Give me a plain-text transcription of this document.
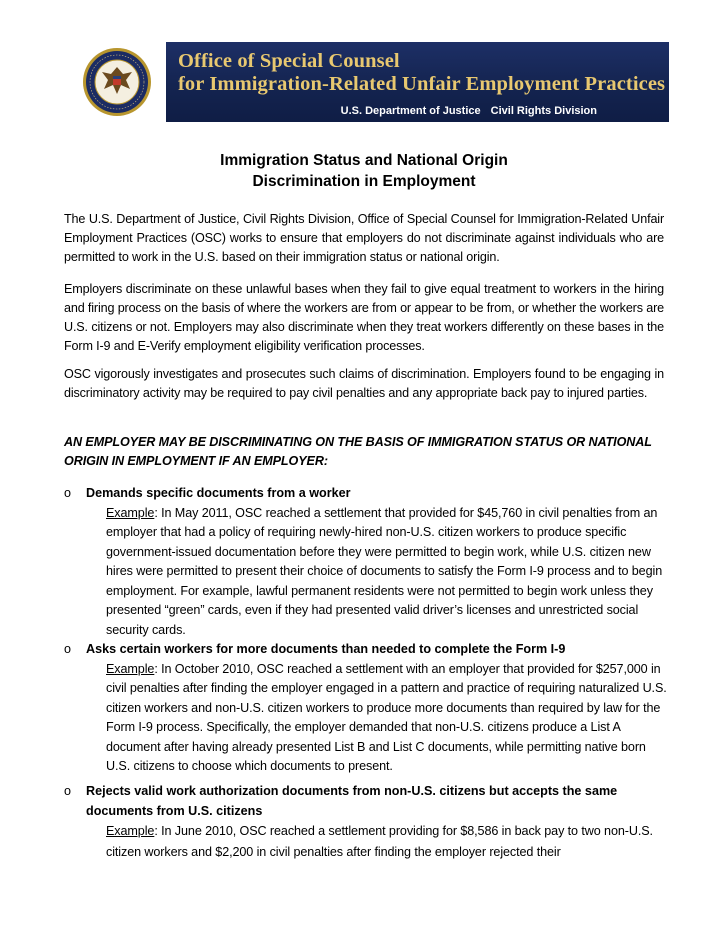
Office of Special Counsel
for Immigration-Related Unfair Employment Practices
U.S. Department of Justice Civil Rights Division
Immigration Status and National Origin
Discrimination in Employment
The U.S. Department of Justice, Civil Rights Division, Office of Special Counsel for Immigration-Related Unfair Employment Practices (OSC) works to ensure that employers do not discriminate against individuals who are permitted to work in the U.S. based on their immigration status or national origin.
Employers discriminate on these unlawful bases when they fail to give equal treatment to workers in the hiring and firing process on the basis of where the workers are from or appear to be from, or whether the workers are U.S. citizens or not. Employers may also discriminate when they treat workers differently on these bases in the Form I-9 and E-Verify employment eligibility verification processes.
OSC vigorously investigates and prosecutes such claims of discrimination. Employers found to be engaging in discriminatory activity may be required to pay civil penalties and any appropriate back pay to injured parties.
AN EMPLOYER MAY BE DISCRIMINATING ON THE BASIS OF IMMIGRATION STATUS OR NATIONAL ORIGIN IN EMPLOYMENT IF AN EMPLOYER:
o Demands specific documents from a worker
Example: In May 2011, OSC reached a settlement that provided for $45,760 in civil penalties from an employer that had a policy of requiring newly-hired non-U.S. citizen workers to produce specific government-issued documentation before they were permitted to begin work, while U.S. citizen new hires were permitted to present their choice of documents to satisfy the Form I-9 process and to begin employment. For example, lawful permanent residents were not permitted to begin work unless they presented “green” cards, even if they had presented valid driver’s licenses and unrestricted social security cards.
o Asks certain workers for more documents than needed to complete the Form I-9
Example: In October 2010, OSC reached a settlement with an employer that provided for $257,000 in civil penalties after finding the employer engaged in a pattern and practice of requiring naturalized U.S. citizen workers and non-U.S. citizen workers to produce more documents than required by law for the Form I-9 process. Specifically, the employer demanded that non-U.S. citizens produce a List A document after having already presented List B and List C documents, while permitting native born U.S. citizens to choose which documents to present.
o Rejects valid work authorization documents from non-U.S. citizens but accepts the same documents from U.S. citizens
Example: In June 2010, OSC reached a settlement providing for $8,586 in back pay to two non-U.S. citizen workers and $2,200 in civil penalties after finding the employer rejected their
